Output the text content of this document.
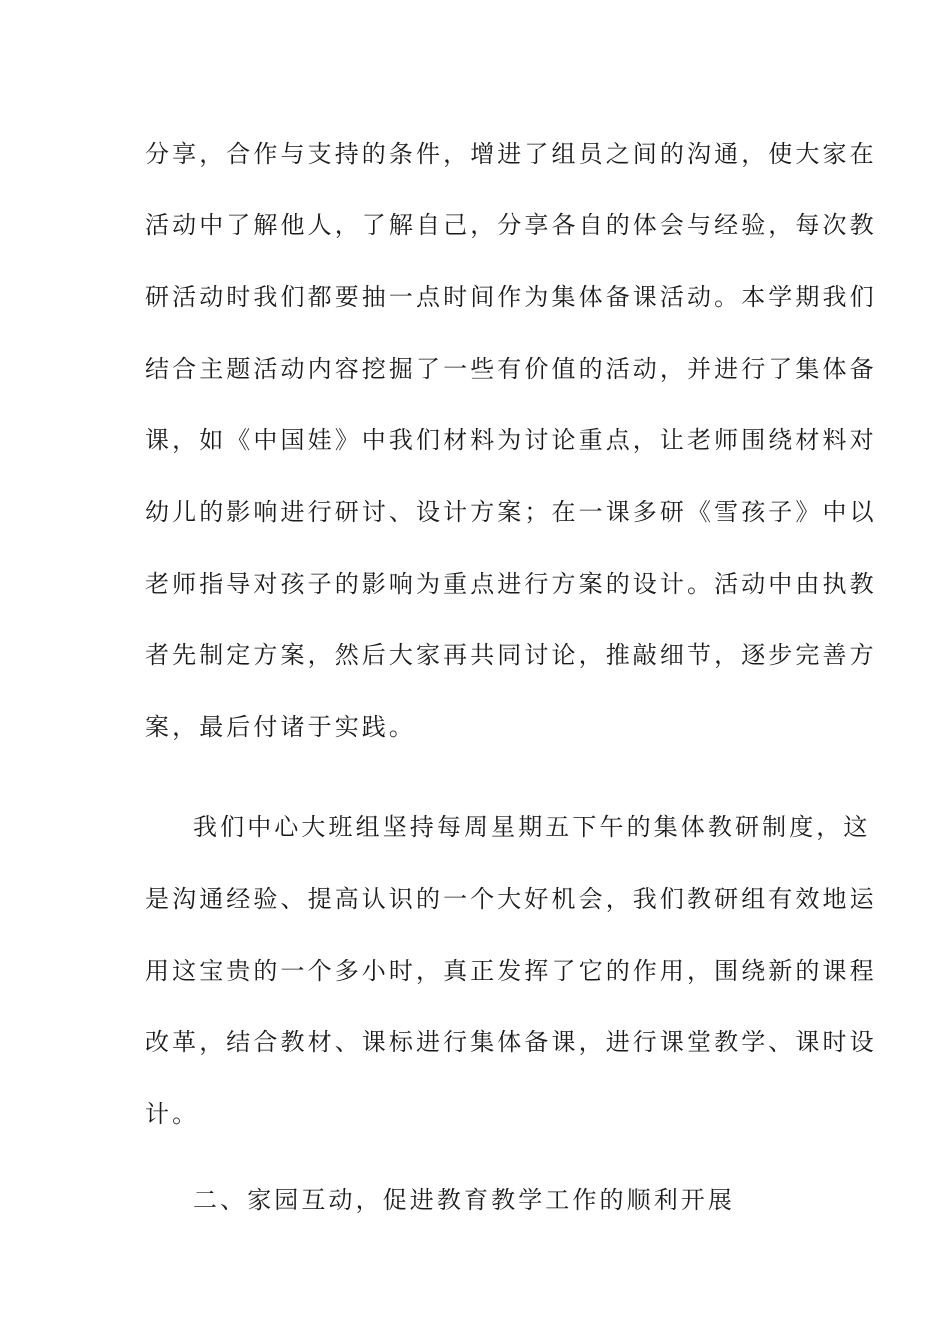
分享，合作与支持的条件，增进了组员之间的沟通，使大家在
活动中了解他人，了解自己，分享各自的体会与经验，每次教
研活动时我们都要抽一点时间作为集体备课活动。本学期我们
结合主题活动内容挖掘了一些有价值的活动，并进行了集体备
课，如《中国娃》中我们材料为讨论重点，让老师围绕材料对
幼儿的影响进行研讨、设计方案；在一课多研《雪孩子》中以
老师指导对孩子的影响为重点进行方案的设计。活动中由执教
者先制定方案，然后大家再共同讨论，推敲细节，逐步完善方
案，最后付诸于实践。
我们中心大班组坚持每周星期五下午的集体教研制度，这
是沟通经验、提高认识的一个大好机会，我们教研组有效地运
用这宝贵的一个多小时，真正发挥了它的作用，围绕新的课程
改革，结合教材、课标进行集体备课，进行课堂教学、课时设
计。
二、家园互动，促进教育教学工作的顺利开展
